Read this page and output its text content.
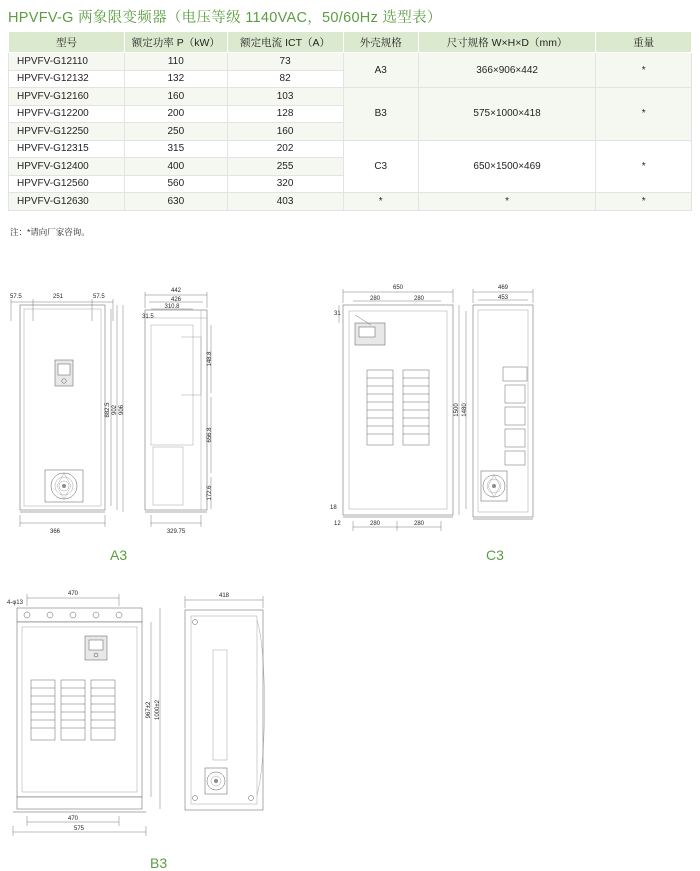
HPVFV-G 两象限变频器（电压等级 1140VAC，50/60Hz 选型表）
型号	额定功率 P（kW）	额定电流 ICT（A）	外壳规格	尺寸规格 W×H×D（mm）	重量
HPVFV-G12110	110	73	A3	366×906×442	*
HPVFV-G12132	132	82			
HPVFV-G12160	160	103	B3	575×1000×418	*
HPVFV-G12200	200	128			
HPVFV-G12250	250	160			
HPVFV-G12315	315	202	C3	650×1500×469	*
HPVFV-G12400	400	255			
HPVFV-G12560	560	320			
HPVFV-G12630	630	403	*	*	*
注：*请向厂家咨询。
57.5	251	57.5
366
882.5 902 906
442
426
310.8
31.5
148.8
656.8
172.6
329.75
A3
650
280	280
31
1500 1480
280	280
18
12
469
453
C3
4-φ13
470
470
575
967±2 1000±2
418
B3
